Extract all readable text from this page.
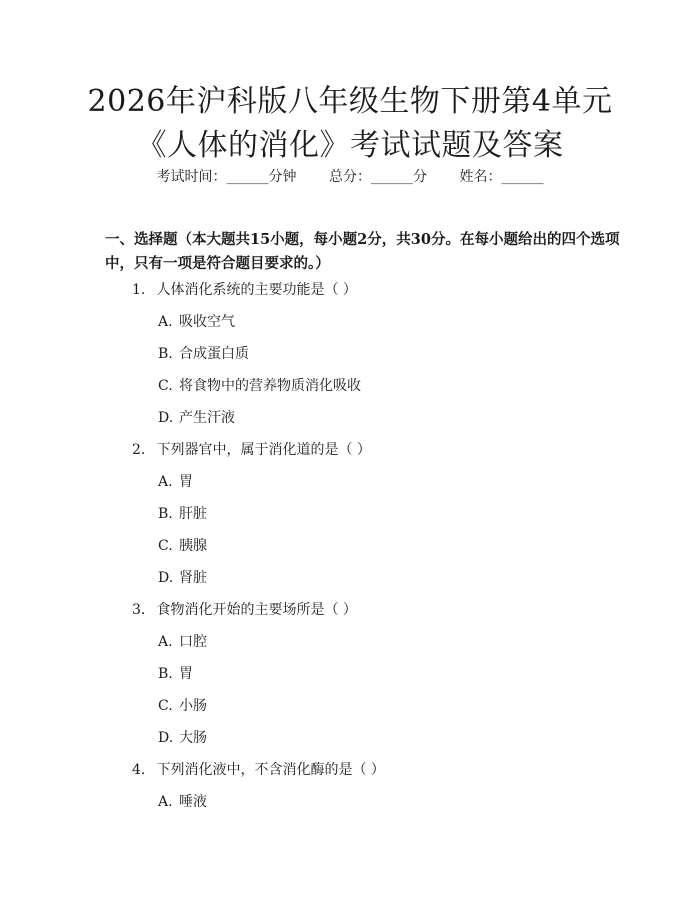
2026年沪科版八年级生物下册第4单元《人体的消化》考试试题及答案
考试时间：______分钟 总分：______分 姓名：______
一、选择题（本大题共15小题，每小题2分，共30分。在每小题给出的四个选项中，只有一项是符合题目要求的。）
1. 人体消化系统的主要功能是（ ）
A. 吸收空气
B. 合成蛋白质
C. 将食物中的营养物质消化吸收
D. 产生汗液
2. 下列器官中，属于消化道的是（ ）
A. 胃
B. 肝脏
C. 胰腺
D. 肾脏
3. 食物消化开始的主要场所是（ ）
A. 口腔
B. 胃
C. 小肠
D. 大肠
4. 下列消化液中，不含消化酶的是（ ）
A. 唾液
